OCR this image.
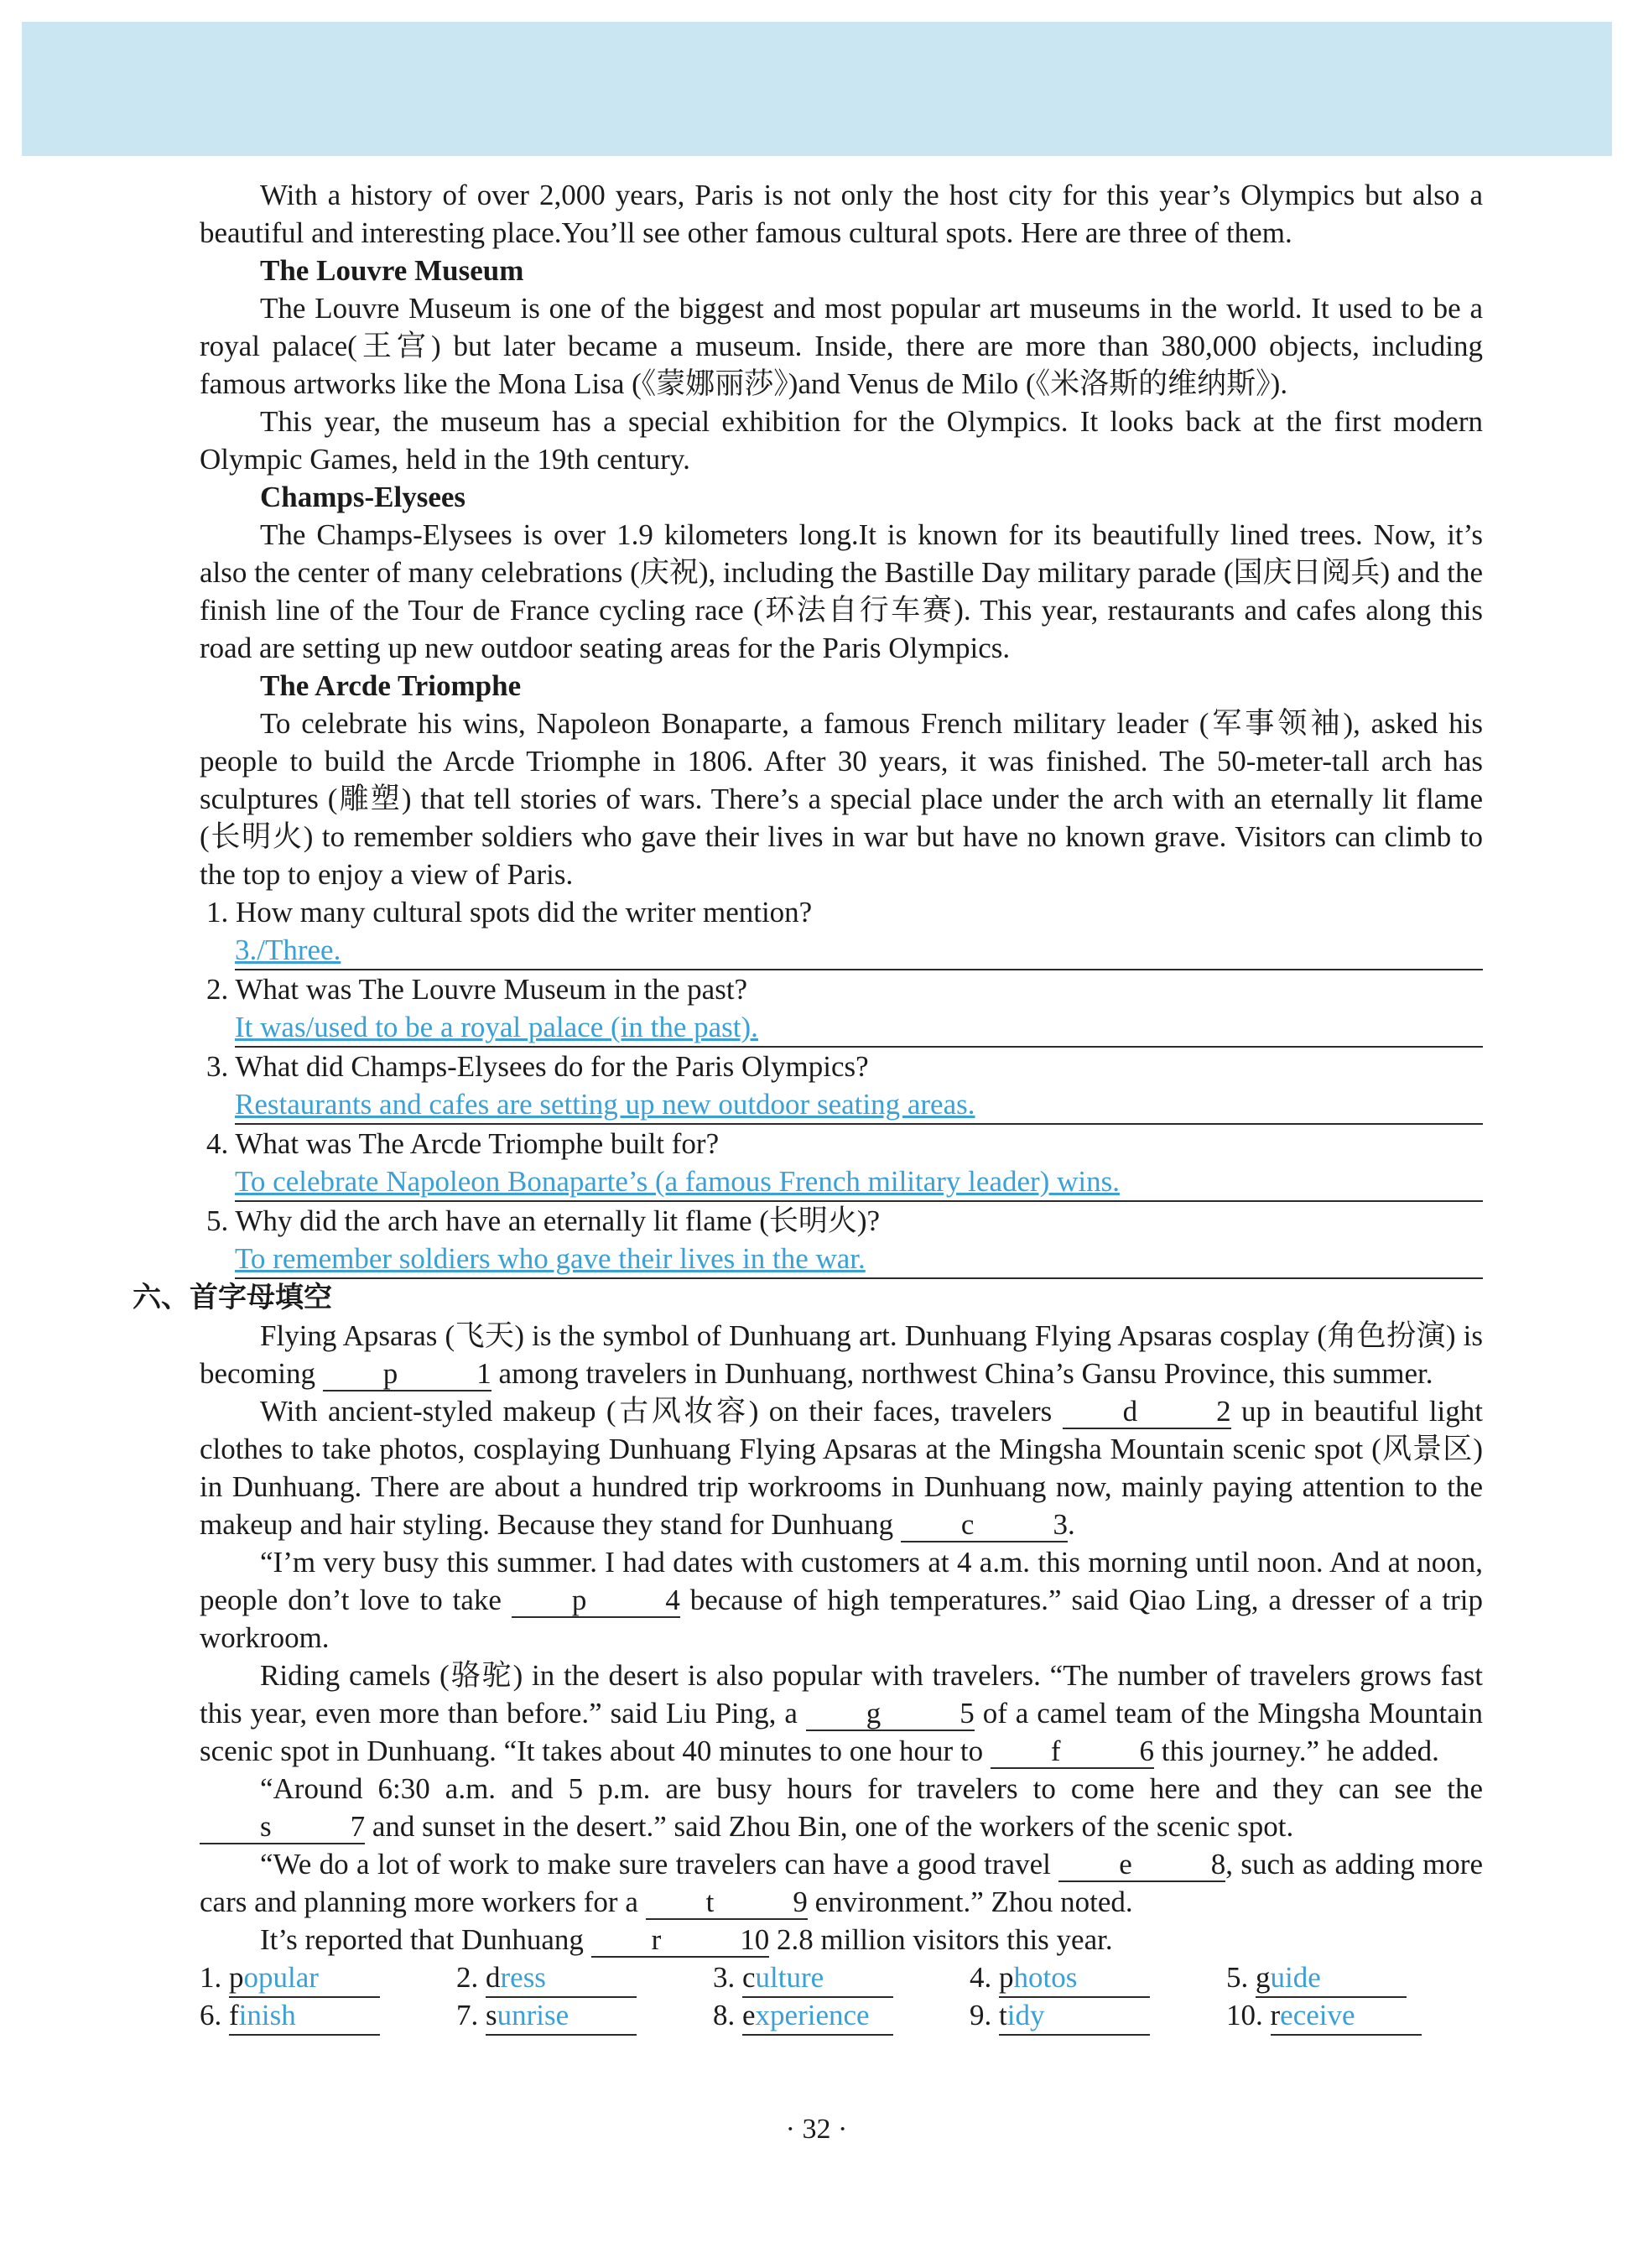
With a history of over 2,000 years, Paris is not only the host city for this year’s Olympics but also a beautiful and interesting place.You’ll see other famous cultural spots. Here are three of them.

The Louvre Museum

The Louvre Museum is one of the biggest and most popular art museums in the world. It used to be a royal palace(王宫) but later became a museum. Inside, there are more than 380,000 objects, including famous artworks like the Mona Lisa (《蒙娜丽莎》)and Venus de Milo (《米洛斯的维纳斯》).

This year, the museum has a special exhibition for the Olympics. It looks back at the first modern Olympic Games, held in the 19th century.

Champs-Elysees

The Champs-Elysees is over 1.9 kilometers long.It is known for its beautifully lined trees. Now, it’s also the center of many celebrations (庆祝), including the Bastille Day military parade (国庆日阅兵) and the finish line of the Tour de France cycling race (环法自行车赛). This year, restaurants and cafes along this road are setting up new outdoor seating areas for the Paris Olympics.

The Arcde Triomphe

To celebrate his wins, Napoleon Bonaparte, a famous French military leader (军事领袖), asked his people to build the Arcde Triomphe in 1806. After 30 years, it was finished. The 50-meter-tall arch has sculptures (雕塑) that tell stories of wars. There’s a special place under the arch with an eternally lit flame (长明火) to remember soldiers who gave their lives in war but have no known grave. Visitors can climb to the top to enjoy a view of Paris.

1. How many cultural spots did the writer mention?

3./Three.

2. What was The Louvre Museum in the past?

It was/used to be a royal palace (in the past).

3. What did Champs-Elysees do for the Paris Olympics?

Restaurants and cafes are setting up new outdoor seating areas.

4. What was The Arcde Triomphe built for?

To celebrate Napoleon Bonaparte’s (a famous French military leader) wins.

5. Why did the arch have an eternally lit flame (长明火)?

To remember soldiers who gave their lives in the war.

六、首字母填空

Flying Apsaras (飞天) is the symbol of Dunhuang art. Dunhuang Flying Apsaras cosplay (角色扮演) is becoming p	1 among travelers in Dunhuang, northwest China’s Gansu Province, this summer.

With ancient-styled makeup (古风妆容) on their faces, travelers d	2 up in beautiful light clothes to take photos, cosplaying Dunhuang Flying Apsaras at the Mingsha Mountain scenic spot (风景区) in Dunhuang. There are about a hundred trip workrooms in Dunhuang now, mainly paying attention to the makeup and hair styling. Because they stand for Dunhuang c	3.

“I’m very busy this summer. I had dates with customers at 4 a.m. this morning until noon. And at noon, people don’t love to take p	4 because of high temperatures.” said Qiao Ling, a dresser of a trip workroom.

Riding camels (骆驼) in the desert is also popular with travelers. “The number of travelers grows fast this year, even more than before.” said Liu Ping, a g	5 of a camel team of the Mingsha Mountain scenic spot in Dunhuang. “It takes about 40 minutes to one hour to f	6 this journey.” he added.

“Around 6:30 a.m. and 5 p.m. are busy hours for travelers to come here and they can see the s	7 and sunset in the desert.” said Zhou Bin, one of the workers of the scenic spot.

“We do a lot of work to make sure travelers can have a good travel e	8, such as adding more cars and planning more workers for a t	9 environment.” Zhou noted.

It’s reported that Dunhuang r	10 2.8 million visitors this year.

1. popular	2. dress	3. culture	4. photos	5. guide
6. finish	7. sunrise	8. experience	9. tidy	10. receive
· 32 ·
